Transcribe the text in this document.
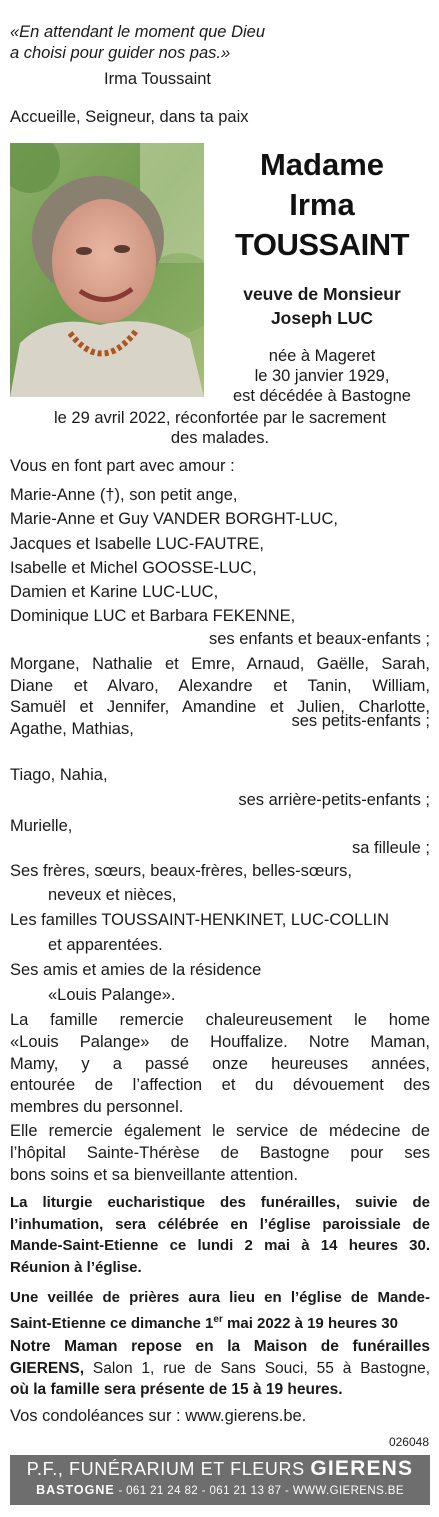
«En attendant le moment que Dieu
a choisi pour guider nos pas.»
Irma Toussaint
Accueille, Seigneur, dans ta paix
Madame
Irma
TOUSSAINT
veuve de Monsieur
Joseph LUC
née à Mageret
le 30 janvier 1929,
est décédée à Bastogne
le 29 avril 2022, réconfortée par le sacrement
des malades.
Vous en font part avec amour :
Marie-Anne (†), son petit ange,
Marie-Anne et Guy VANDER BORGHT-LUC,
Jacques et Isabelle LUC-FAUTRE,
Isabelle et Michel GOOSSE-LUC,
Damien et Karine LUC-LUC,
Dominique LUC et Barbara FEKENNE,
ses enfants et beaux-enfants ;
Morgane, Nathalie et Emre, Arnaud, Gaëlle, Sarah,
Diane et Alvaro, Alexandre et Tanin, William,
Samuël et Jennifer, Amandine et Julien, Charlotte,
Agathe, Mathias,	ses petits-enfants ;
Tiago, Nahia,
ses arrière-petits-enfants ;
Murielle,
sa filleule ;
Ses frères, sœurs, beaux-frères, belles-sœurs,
neveux et nièces,
Les familles TOUSSAINT-HENKINET, LUC-COLLIN
et apparentées.
Ses amis et amies de la résidence
«Louis Palange».
La famille remercie chaleureusement le home
«Louis Palange» de Houffalize. Notre Maman,
Mamy, y a passé onze heureuses années,
entourée de l’affection et du dévouement des
membres du personnel.
Elle remercie également le service de médecine de
l’hôpital Sainte-Thérèse de Bastogne pour ses
bons soins et sa bienveillante attention.
La liturgie eucharistique des funérailles, suivie de
l’inhumation, sera célébrée en l’église paroissiale de
Mande-Saint-Etienne ce lundi 2 mai à 14 heures 30.
Réunion à l’église.
Une veillée de prières aura lieu en l’église de Mande-
Saint-Etienne ce dimanche 1er mai 2022 à 19 heures 30
Notre Maman repose en la Maison de funérailles
GIERENS, Salon 1, rue de Sans Souci, 55 à Bastogne,
où la famille sera présente de 15 à 19 heures.
Vos condoléances sur : www.gierens.be.
026048
P.F., FUNÉRARIUM ET FLEURS GIERENS
BASTOGNE - 061 21 24 82 - 061 21 13 87 - WWW.GIERENS.BE
